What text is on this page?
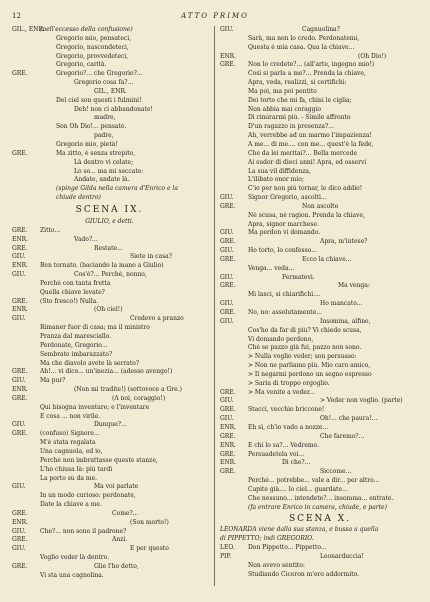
12	ATTO PRIMO
GIL., ENR.
(nell'eccesso della confusione)
Gregorio mio, pensateci,
Gregorio, nascondeteci,
Gregorio, provvedeteci,
Gregorio, carità.
GRE.	Gregorio?... che Gregorio?...
Gregorio cosa fa?...
GIL., ENR.
Del ciel son questi i fulmini!
Deh! non ci abbandonate!
madre,
Son Oh Dio!... pensate.
padre,
Gregorio mio, pietà!
GRE.	Ma zitto, è senza strepito,
Là dentro vi celate;
Lo so... ma mi seccate:
Andate, andate là.
(spinge Gilda nella camera d'Enrico e la
chiude dentro)
SCENA IX.
GIULIO, e detti.
GRE. Zitto...
ENR.	Vado?...
GRE.	Restate...
GIU.	Siete in casa?
ENR. Ben tornato. (baciando la mano a Giulio)
GIU.	Cos'è?... Perchè, nonno,
Perchè con tanta fretta
Quella chiave levate?
GRE. (Sto fresco!) Nulla.
ENR.	(Oh ciel!)
GIU.	Credevo a pranzo
Rimaner fuor di casa; ma il ministro
Pranza dal maresciallo.
Perdonate, Gregorio...
Sembrate imbarazzato?
Ma che diavolo avete là serrato?
GRE. Ah!... vi dico... un'inezia... (adesso avengo!)
GIU. Ma pur?
ENR.	(Non mi tradite!) (sottovoce a Gre.)
GRE.	(A noi, coraggio!)
Qui bisogna inventare; e l'inventare
È cosa ... non virile.
GIU.	Dunque?...
GRE. (confuso) Signore...
M'è stata regalata
Una cagnuola, ed io,
Perchè non imbrattasse queste stanze,
L'ho chiusa là: più tardi
La porto su da me.
GIU.	Ma voi parlate
In un modo curioso: perdonate,
Date la chiave a me.
GRE.	Come?...
ENR.	(Son morto!)
GIU. Che?... non sono il padrone?
GRE.	Anzi.
GIU.	E per questo
Voglio veder là dentro.
GRE.	Glie l'ho detto,
Vi sta una cagnolina.
GIU.	Cagnuolina?
Sarà, ma non lo credo. Perdonatemi,
Questa è mia casa. Qua la chiave...
ENR.	(Oh Dio!)
GRE. Non lo credete?... (all'arte, ingegno mio!)
Così si parla a me?... Prenda la chiave,
Apra, veda, realizzi, si certifichi:
Ma poi, ma poi pentito
Dei torto che mi fa, chini le ciglia;
Non abbia mai coraggio
Di rimirarmi più. - Simile affronto
D'un ragazzo in presenza?...
Ah, verrebbe ad un marmo l'impazienza!
A me... di me.... con me... quest'è la fede,
Che da lei meritai?... Bella mercede
Ai sudor di dieci anni! Apra, ed osservi
La sua vil diffidenza,
L'ilibato onor mio;
C'io per non più tornar, le dico addio!
GIU. Signor Gregorio, ascolti...
GRE.	Non ascolto
Nè scusa, nè ragion. Prenda la chiave,
Apra, signor marchese.
GIU. Ma perdon vi domando.
GRE.	Apra, m'intese?
GIU. Ho torto, lo confesso...
GRE.	Ecco la chiave...
Venga... veda...
GIU.	Fermatevi.
GRE.	Ma venga:
Mi lasci, si chiarifichi....
GIU.	Ho mancato...
GRE. No, no: assolutamente...
GIU.	Insomma, alfine,
Cos'ho da far di più? Vi chiedo scusa,
Vi domando perdono,
Chè se pazzo già fui, pazzo non sono.
> Nulla voglio veder; son persuaso:
> Non ne parliamo più. Mio caro amico,
> Il negarmi perdono un segno espresso
> Saria di troppo orgoglio.
GRE. > Ma venite a veder...
GIU.	> Veder non voglio. (parte)
GRE. Stacci, vecchio briccone!
GIU.	Oh!... che paura!...
ENR. Eh sì, ch'io vado a nozze...
GRE.	Che faremo?...
ENR. E chi lo sa?... Vedremo.
GRE. Persuadetela voi...
ENR.	Di che?...
GRE.	Siccome...
Perchè... potrebbe... vale a dir... per altro...
Capite già.... lo ciel... guardate...
Che nessuno... intendete?... insomma... entrate.
(fa entrare Enrico in camera, chiude, e parte)
SCENA X.
LEONARDA viene dalla sua stanza, e bussa a quella
di PIPPETTO; indi GREGORIO.
LEO. Don Pippetto... Pippetto...
PIP.	Leonarduccia!
Non avevo sentito:
Studiando Ciceron m'ero addormito.
